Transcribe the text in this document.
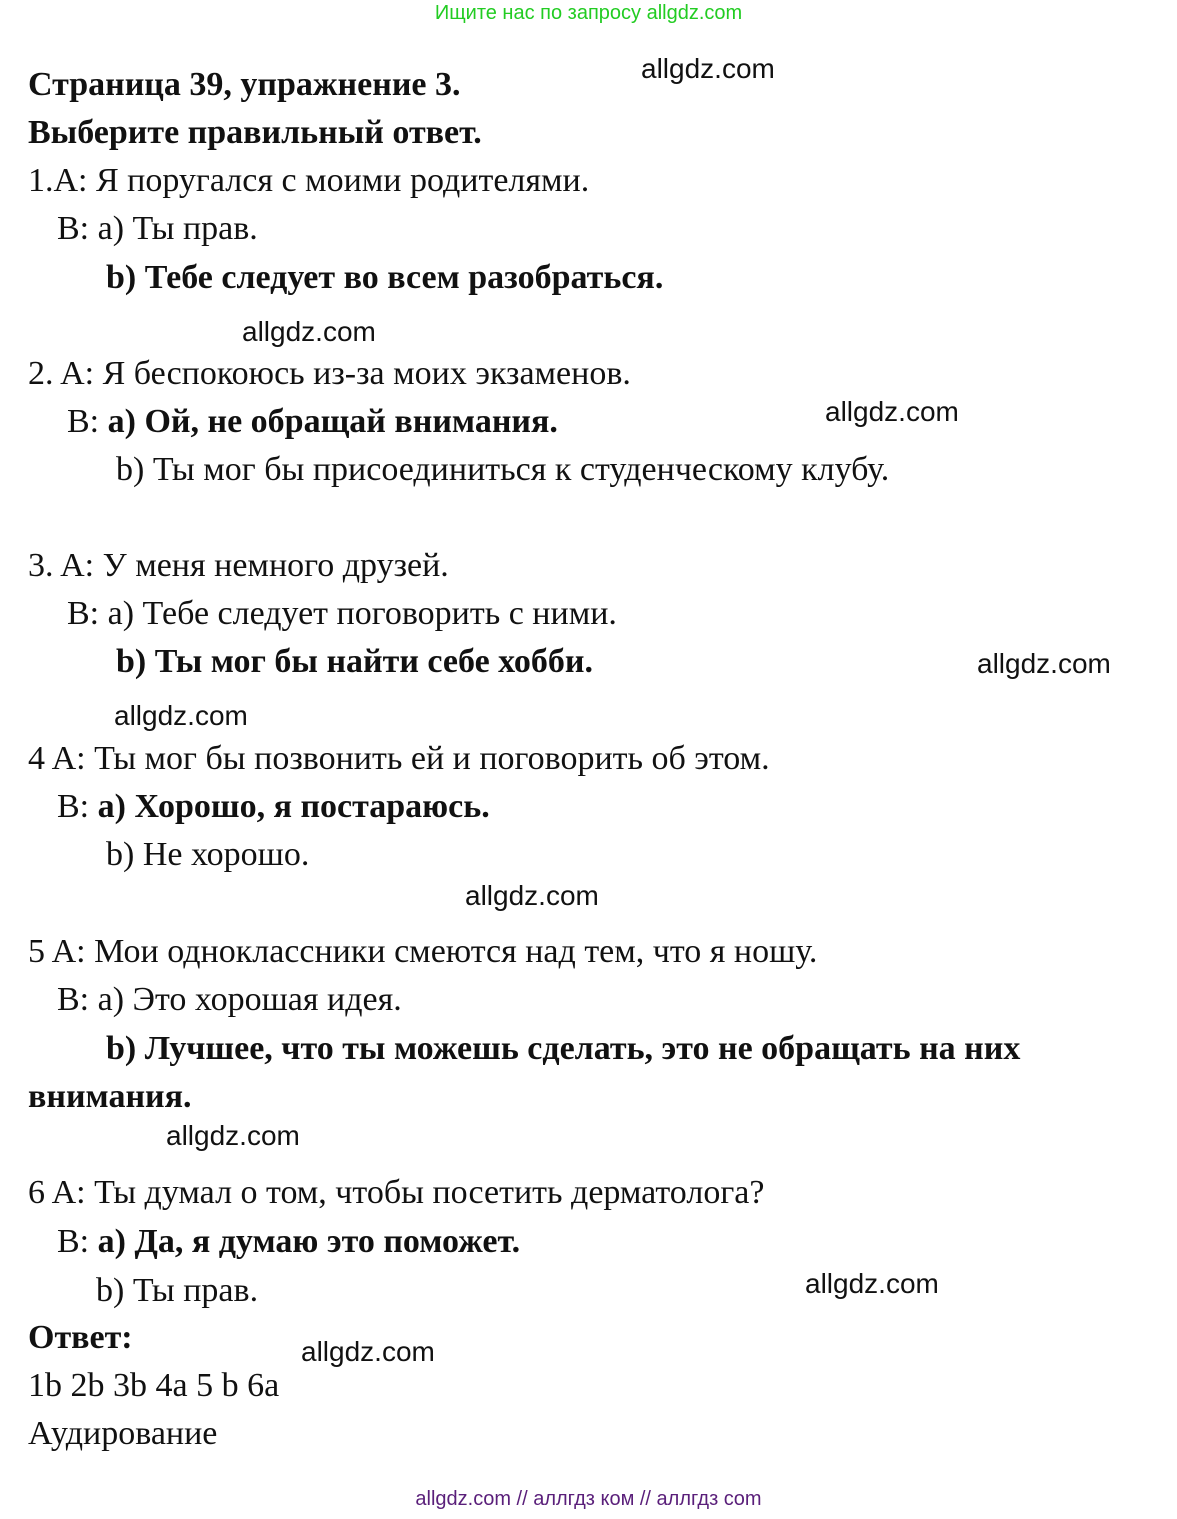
Ищите нас по запросу allgdz.com
allgdz.com
allgdz.com
allgdz.com
allgdz.com
allgdz.com
allgdz.com
allgdz.com
allgdz.com
allgdz.com
Страница 39, упражнение 3.
Выберите правильный ответ.
1.A: Я поругался с моими родителями.
B: a) Ты прав.
b) Тебе следует во всем разобраться.
2. A: Я беспокоюсь из-за моих экзаменов.
B: a) Ой, не обращай внимания.
b) Ты мог бы присоединиться к студенческому клубу.
3. A: У меня немного друзей.
B: a) Тебе следует поговорить с ними.
b) Ты мог бы найти себе хобби.
4 A: Ты мог бы позвонить ей и поговорить об этом.
B: a) Хорошо, я постараюсь.
b) Не хорошо.
5 A: Мои одноклассники смеются над тем, что я ношу.
B: a) Это хорошая идея.
b) Лучшее, что ты можешь сделать, это не обращать на них
внимания.
6 A: Ты думал о том, чтобы посетить дерматолога?
B: a) Да, я думаю это поможет.
b) Ты прав.
Ответ:
1b 2b 3b 4a 5 b 6a
Аудирование
allgdz.com // аллгдз ком // аллгдз com
